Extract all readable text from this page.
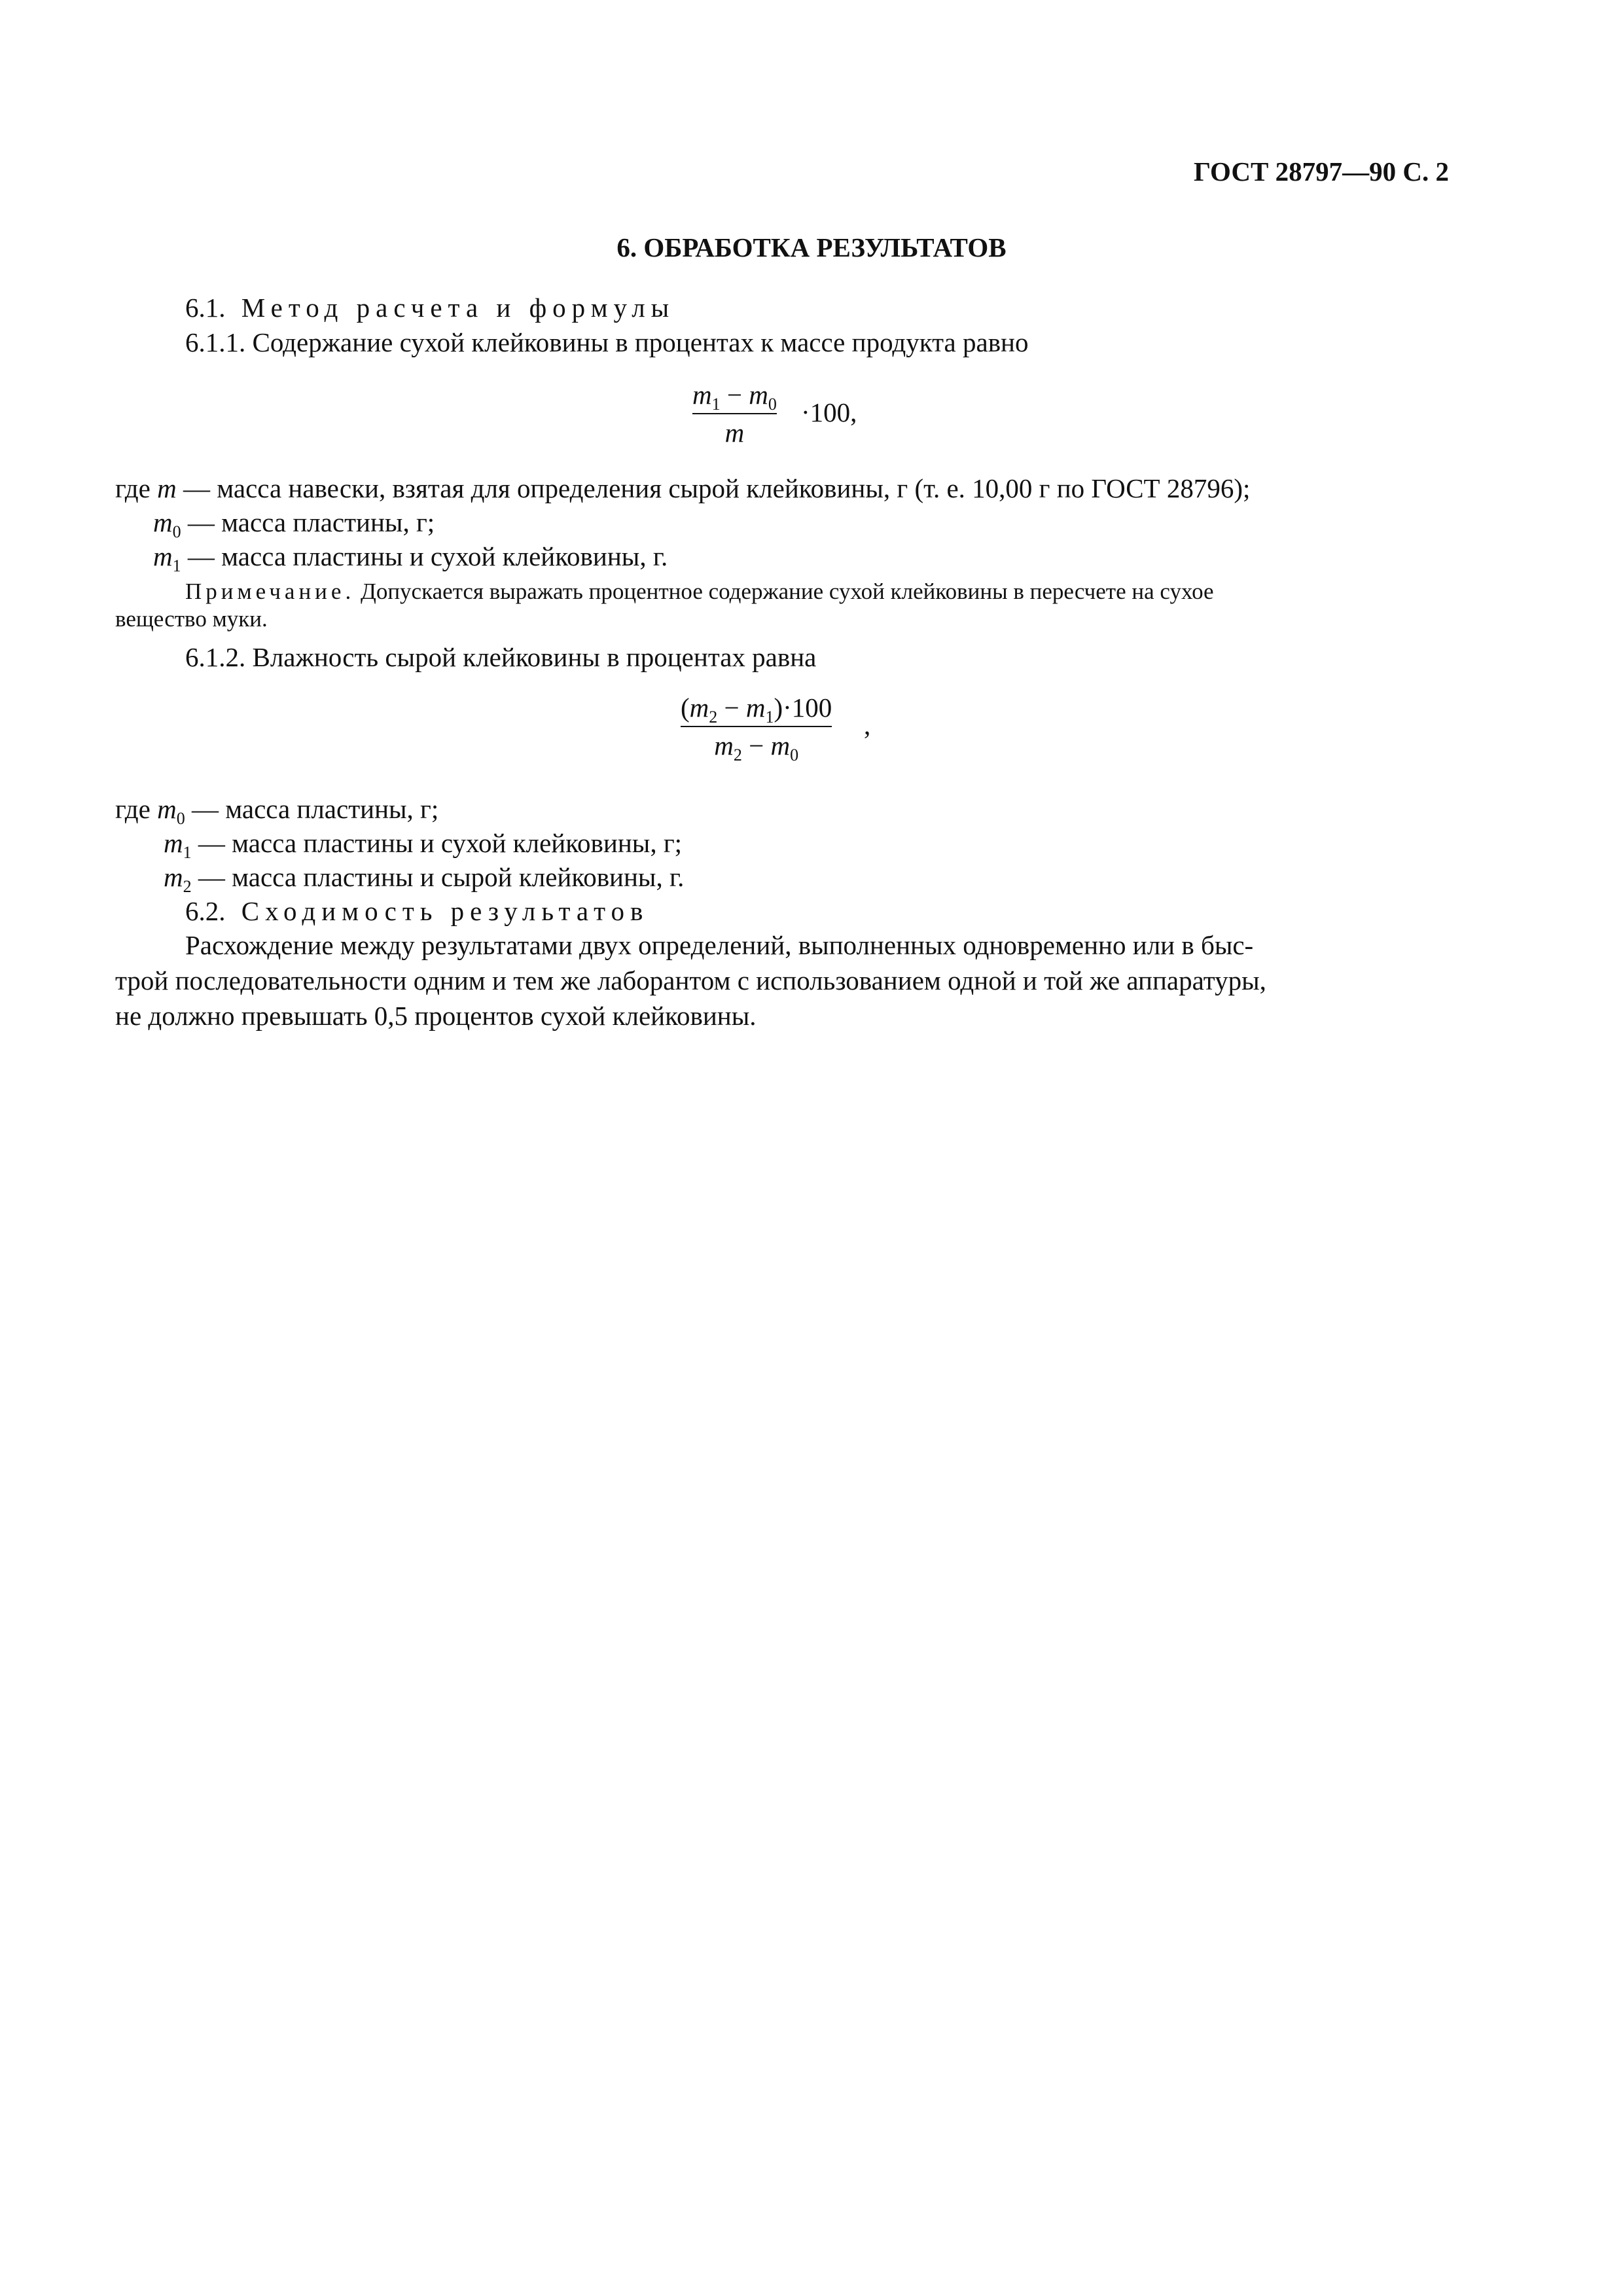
ГОСТ 28797—90 С. 2
6. ОБРАБОТКА РЕЗУЛЬТАТОВ
6.1. Метод расчета и формулы
6.1.1. Содержание сухой клейковины в процентах к массе продукта равно
$m_1 - m_0$
m
·100,
где m — масса навески, взятая для определения сырой клейковины, г (т. е. 10,00 г по ГОСТ 28796);
$m_0$ — масса пластины, г;
$m_1$ — масса пластины и сухой клейковины, г.
Примечание. Допускается выражать процентное содержание сухой клейковины в пересчете на сухое
вещество муки.
6.1.2. Влажность сырой клейковины в процентах равна
$(m_2 - m_1)\cdot 100$
$m_2 - m_0$
,
где $m_0$ — масса пластины, г;
$m_1$ — масса пластины и сухой клейковины, г;
$m_2$ — масса пластины и сырой клейковины, г.
6.2. Сходимость результатов
Расхождение между результатами двух определений, выполненных одновременно или в быс-
трой последовательности одним и тем же лаборантом с использованием одной и той же аппаратуры,
не должно превышать 0,5 процентов сухой клейковины.
